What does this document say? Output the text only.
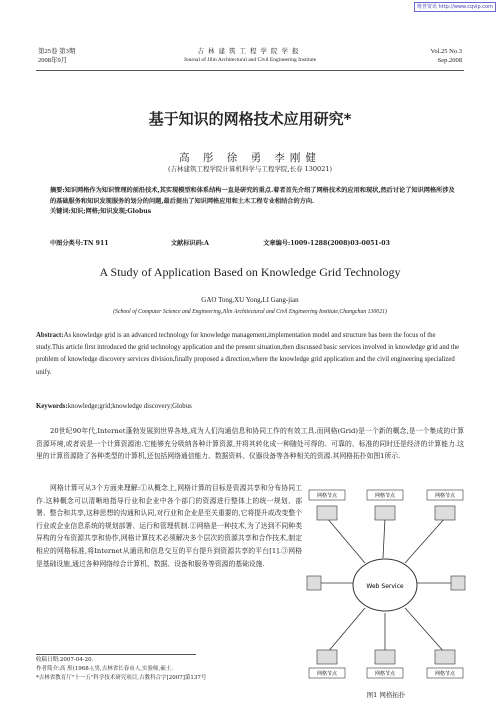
维普资讯 http://www.cqvip.com
第25卷 第3期
2008年9月
吉林建筑工程学院学报
Journal of Jilin Architectural and Civil Engineering Institute
Vol.25 No.3
Sep.2008
基于知识的网格技术应用研究*
高 彤 徐 勇 李刚健
(吉林建筑工程学院计算机科学与工程学院,长春 130021)
摘要:知识网格作为知识管理的前沿技术,其实现模型和体系结构一直是研究的重点.着者首先介绍了网格技术的应用和现状,然后讨论了知识网格所涉及的基础服务和知识发现服务的划分的问题,最后提出了知识网格应用和土木工程专业相结合的方向.
关键词:知识;网格;知识发现;Globus
中图分类号:TN 911	文献标识码:A	文章编号:1009-1288(2008)03-0051-03
A Study of Application Based on Knowledge Grid Technology
GAO Tong,XU Yong,LI Gang-jian
(School of Computer Science and Engineering,Jilin Architectural and Civil Engineering Institute,Changchun 130021)
Abstract:As knowledge grid is an advanced technology for knowledge management,implementation model and structure has been the focus of the study.This article first introduced the grid technology application and the present situation,then discussed basic services involved in knowledge grid and the problem of knowledge discovery services division,finally proposed a direction,where the knowledge grid application and the civil engineering specialized unify.
Keywords:knowledge;grid;knowledge discovery;Globus
20世纪90年代,Internet蓬勃发展到世界各地,成为人们沟通信息和协同工作的有效工具.而网格(Grid)是一个新的概念,是一个集成的计算资源环境,或者说是一个计算资源池.它能够充分吸纳各种计算资源,并将其转化成一种随处可得的、可靠的、标准的同时还是经济的计算能力.这里的计算资源除了各种类型的计算机,还包括网络通信能力、数据资料、仪器设备等各种相关的资源.其网格拓扑如图1所示.
网格计算可从3个方面来理解:①从概念上,网格计算的目标是资源共享和分布协同工作.这种概念可以清晰地指导行业和企业中各个部门的资源进行整体上的统一规划、部署、整合和共享,这种思想的沟通和认同,对行业和企业是至关重要的,它将提升或改变整个行业或企业信息系统的规划部署、运行和管理机制.②网格是一种技术,为了达到不同种类异构的分布资源共享和协作,网格计算技术必须解决多个层次的资源共享和合作技术,制定相应的网格标准,将Internet从通讯和信息交互的平台提升到资源共享的平台[1].③网格是基础设施,通过各种网络综合计算机、数据、设备和服务等资源的基础设施.
Web Service
网格节点	网格节点	网格节点
网格节点	网格节点	网格节点
图1 网格拓扑
收稿日期:2007-04-20.
作者简介:高 彤(1968-),男,吉林省长春市人,实验师,硕士.
*吉林省教育厅"十一五"科学技术研究项目,吉教科合字[2007]第137号
